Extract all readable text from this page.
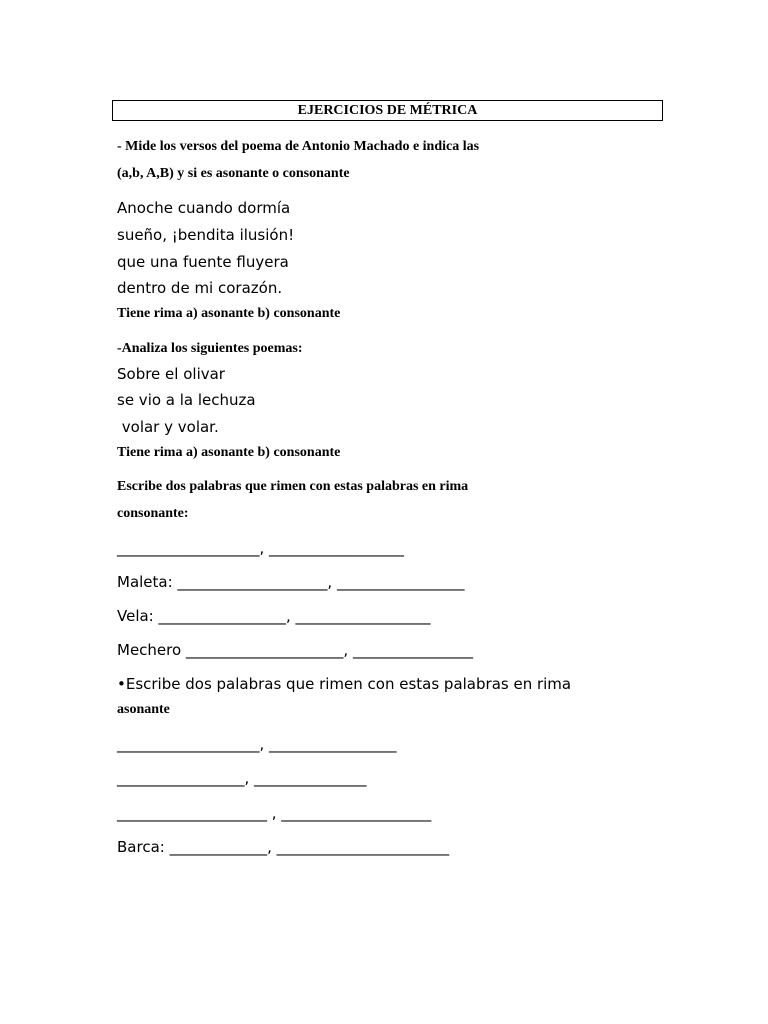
EJERCICIOS DE MÉTRICA

- Mide los versos del poema de Antonio Machado e indica las

(a,b, A,B) y si es asonante o consonante

Anoche cuando dormía

sueño, ¡bendita ilusión!

que una fuente fluyera

dentro de mi corazón.

Tiene rima a) asonante b) consonante

-Analiza los siguientes poemas:

Sobre el olivar

se vio a la lechuza

volar y volar.

Tiene rima a) asonante b) consonante

Escribe dos palabras que rimen con estas palabras en rima

consonante:

___________________, __________________

Maleta: ____________________, _________________

Vela: _________________, __________________

Mechero _____________________, ________________

•Escribe dos palabras que rimen con estas palabras en rima

asonante

___________________, _________________

_________________, _______________

____________________ , ____________________

Barca: _____________, _______________________
